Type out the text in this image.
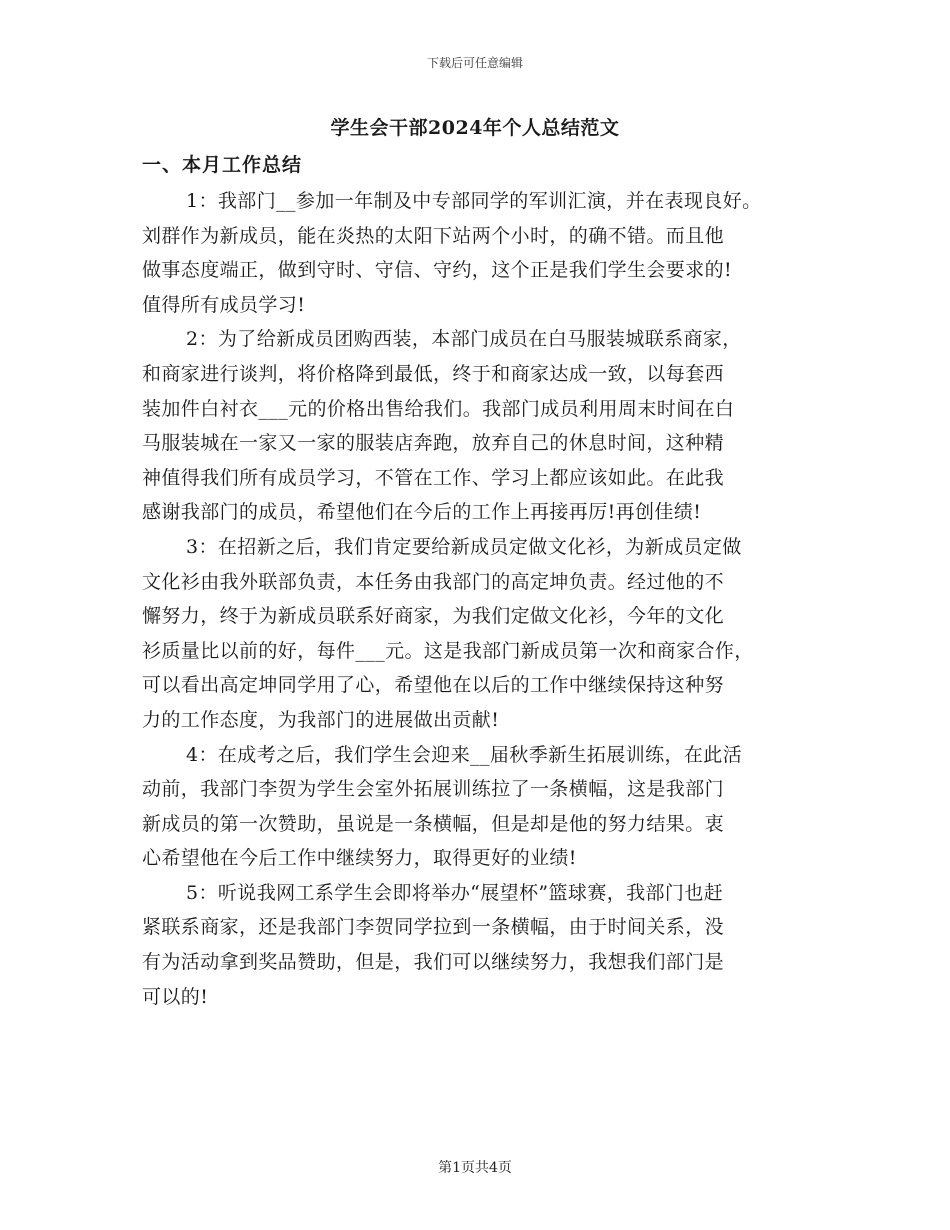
下载后可任意编辑
学生会干部2024年个人总结范文
一、本月工作总结

1：我部门__参加一年制及中专部同学的军训汇演，并在表现良好。
刘群作为新成员，能在炎热的太阳下站两个小时，的确不错。而且他
做事态度端正，做到守时、守信、守约，这个正是我们学生会要求的!
值得所有成员学习!

2：为了给新成员团购西装，本部门成员在白马服装城联系商家，
和商家进行谈判，将价格降到最低，终于和商家达成一致，以每套西
装加件白衬衣___元的价格出售给我们。我部门成员利用周末时间在白
马服装城在一家又一家的服装店奔跑，放弃自己的休息时间，这种精
神值得我们所有成员学习，不管在工作、学习上都应该如此。在此我
感谢我部门的成员，希望他们在今后的工作上再接再厉!再创佳绩!

3：在招新之后，我们肯定要给新成员定做文化衫，为新成员定做
文化衫由我外联部负责，本任务由我部门的高定坤负责。经过他的不
懈努力，终于为新成员联系好商家，为我们定做文化衫，今年的文化
衫质量比以前的好，每件___元。这是我部门新成员第一次和商家合作，
可以看出高定坤同学用了心，希望他在以后的工作中继续保持这种努
力的工作态度，为我部门的进展做出贡献!

4：在成考之后，我们学生会迎来__届秋季新生拓展训练，在此活
动前，我部门李贺为学生会室外拓展训练拉了一条横幅，这是我部门
新成员的第一次赞助，虽说是一条横幅，但是却是他的努力结果。衷
心希望他在今后工作中继续努力，取得更好的业绩!

5：听说我网工系学生会即将举办“展望杯”篮球赛，我部门也赶
紧联系商家，还是我部门李贺同学拉到一条横幅，由于时间关系，没
有为活动拿到奖品赞助，但是，我们可以继续努力，我想我们部门是
可以的!

第1页共4页
